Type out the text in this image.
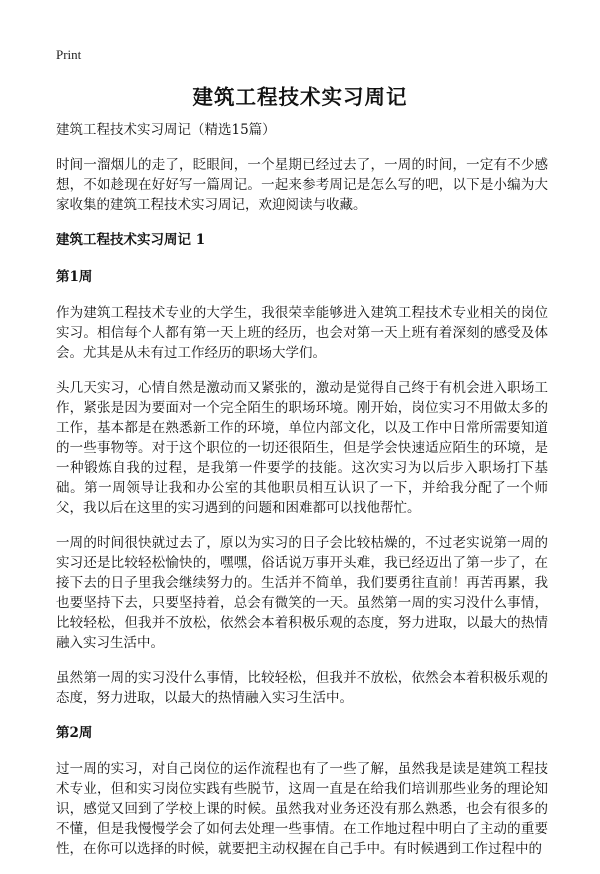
Print
建筑工程技术实习周记
建筑工程技术实习周记（精选15篇）

时间一溜烟儿的走了，眨眼间，一个星期已经过去了，一周的时间，一定有不少感想，不如趁现在好好写一篇周记。一起来参考周记是怎么写的吧，以下是小编为大家收集的建筑工程技术实习周记，欢迎阅读与收藏。

建筑工程技术实习周记 1
第1周

作为建筑工程技术专业的大学生，我很荣幸能够进入建筑工程技术专业相关的岗位实习。相信每个人都有第一天上班的经历，也会对第一天上班有着深刻的感受及体会。尤其是从未有过工作经历的职场大学们。

头几天实习，心情自然是激动而又紧张的，激动是觉得自己终于有机会进入职场工作，紧张是因为要面对一个完全陌生的职场环境。刚开始，岗位实习不用做太多的工作，基本都是在熟悉新工作的环境，单位内部文化，以及工作中日常所需要知道的一些事物等。对于这个职位的一切还很陌生，但是学会快速适应陌生的环境，是一种锻炼自我的过程，是我第一件要学的技能。这次实习为以后步入职场打下基础。第一周领导让我和办公室的其他职员相互认识了一下，并给我分配了一个师父，我以后在这里的实习遇到的问题和困难都可以找他帮忙。

一周的时间很快就过去了，原以为实习的日子会比较枯燥的，不过老实说第一周的实习还是比较轻松愉快的，嘿嘿，俗话说万事开头难，我已经迈出了第一步了，在接下去的日子里我会继续努力的。生活并不简单，我们要勇往直前！再苦再累，我也要坚持下去，只要坚持着，总会有微笑的一天。虽然第一周的实习没什么事情，比较轻松，但我并不放松，依然会本着积极乐观的态度，努力进取，以最大的热情融入实习生活中。

虽然第一周的实习没什么事情，比较轻松，但我并不放松，依然会本着积极乐观的态度，努力进取，以最大的热情融入实习生活中。

第2周

过一周的实习，对自己岗位的运作流程也有了一些了解，虽然我是读是建筑工程技术专业，但和实习岗位实践有些脱节，这周一直是在给我们培训那些业务的理论知识，感觉又回到了学校上课的时候。虽然我对业务还没有那么熟悉，也会有很多的不懂，但是我慢慢学会了如何去处理一些事情。在工作地过程中明白了主动的重要性，在你可以选择的时候，就要把主动权握在自己手中。有时候遇到工作过程中的
